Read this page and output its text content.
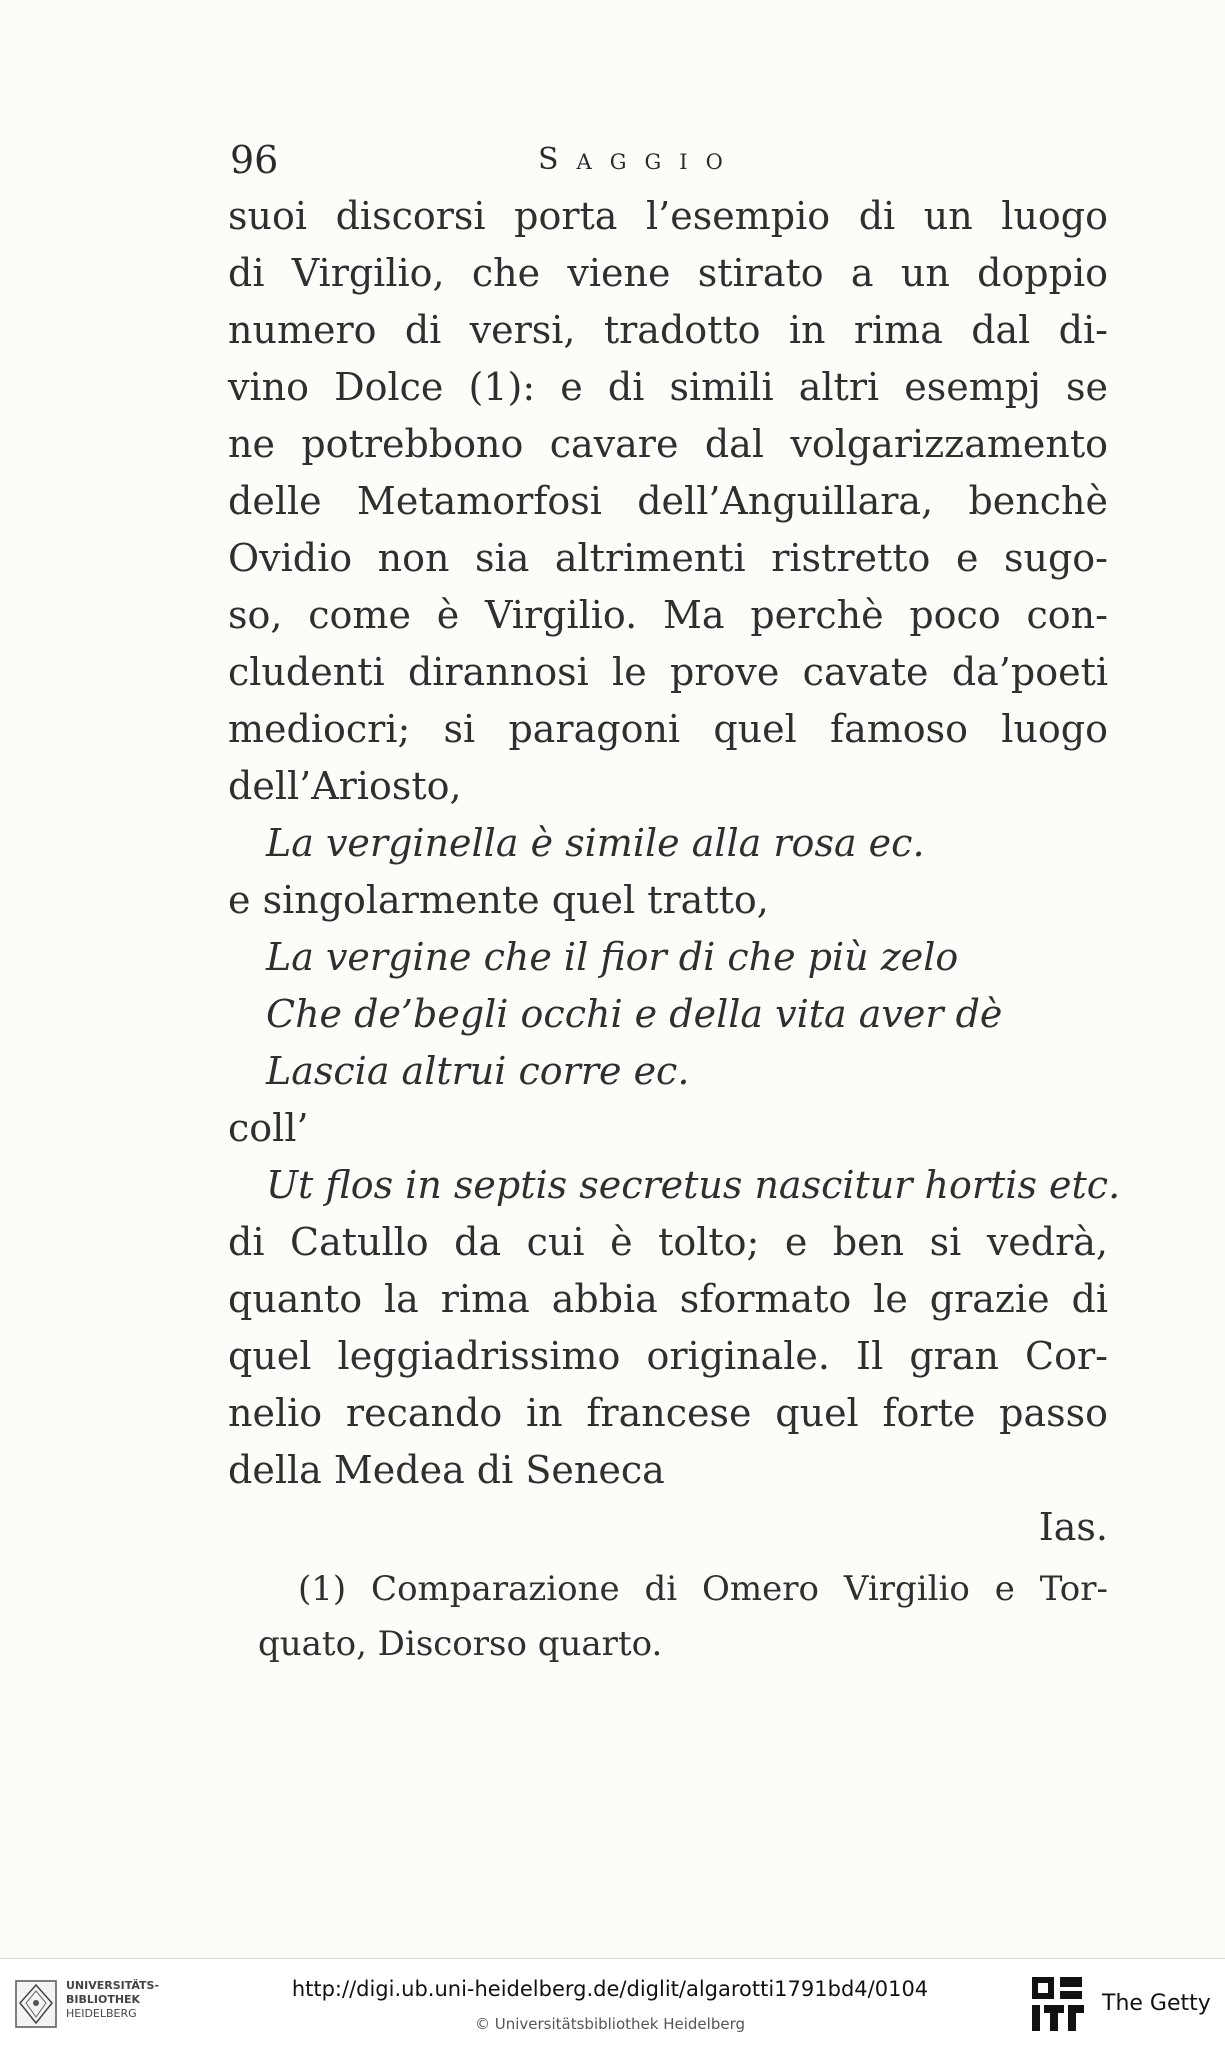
96	Saggio
suoi discorsi porta l’esempio di un luogo
di Virgilio, che viene stirato a un doppio
numero di versi, tradotto in rima dal di-
vino Dolce (1): e di simili altri esempj se
ne potrebbono cavare dal volgarizzamento
delle Metamorfosi dell’Anguillara, benchè
Ovidio non sia altrimenti ristretto e sugo-
so, come è Virgilio. Ma perchè poco con-
cludenti dirannosi le prove cavate da’poeti
mediocri; si paragoni quel famoso luogo
dell’Ariosto,
La verginella è simile alla rosa ec.
e singolarmente quel tratto,
La vergine che il fior di che più zelo
Che de’begli occhi e della vita aver dè
Lascia altrui corre ec.
coll’
Ut flos in septis secretus nascitur hortis etc.
di Catullo da cui è tolto; e ben si vedrà,
quanto la rima abbia sformato le grazie di
quel leggiadrissimo originale. Il gran Cor-
nelio recando in francese quel forte passo
della Medea di Seneca
Ias.
(1) Comparazione di Omero Virgilio e Tor-
quato, Discorso quarto.
UNIVERSITÄTS-
BIBLIOTHEK
HEIDELBERG
http://digi.ub.uni-heidelberg.de/diglit/algarotti1791bd4/0104
© Universitätsbibliothek Heidelberg
The Getty
